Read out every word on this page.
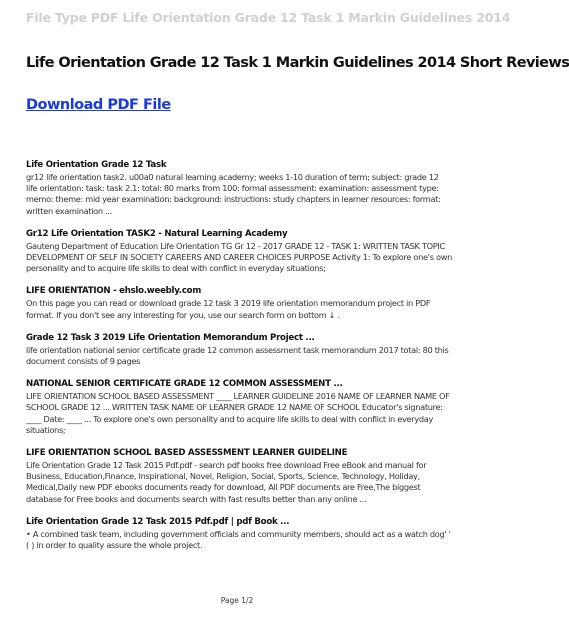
File Type PDF Life Orientation Grade 12 Task 1 Markin Guidelines 2014
Life Orientation Grade 12 Task 1 Markin Guidelines 2014 Short Reviews
Download PDF File
Life Orientation Grade 12 Task
gr12 life orientation task2. u00a0 natural learning academy; weeks 1-10 duration of term; subject: grade 12 life orientation: task: task 2.1: total: 80 marks from 100: formal assessment: examination: assessment type: memo: theme: mid year examination: background: instructions: study chapters in learner resources: format: written examination ...
Gr12 Life Orientation TASK2 - Natural Learning Academy
Gauteng Department of Education Life Orientation TG Gr 12 - 2017 GRADE 12 - TASK 1: WRITTEN TASK TOPIC DEVELOPMENT OF SELF IN SOCIETY CAREERS AND CAREER CHOICES PURPOSE Activity 1: To explore one's own personality and to acquire life skills to deal with conflict in everyday situations;
LIFE ORIENTATION - ehslo.weebly.com
On this page you can read or download grade 12 task 3 2019 life orientation memorandum project in PDF format. If you don't see any interesting for you, use our search form on bottom ↓ .
Grade 12 Task 3 2019 Life Orientation Memorandum Project ...
life orientation national senior certificate grade 12 common assessment task memorandum 2017 total: 80 this document consists of 9 pages
NATIONAL SENIOR CERTIFICATE GRADE 12 COMMON ASSESSMENT ...
LIFE ORIENTATION SCHOOL BASED ASSESSMENT ____ LEARNER GUIDELINE 2016 NAME OF LEARNER NAME OF SCHOOL GRADE 12 ... WRITTEN TASK NAME OF LEARNER GRADE 12 NAME OF SCHOOL Educator's signature: ____ Date: ____ ... To explore one's own personality and to acquire life skills to deal with conflict in everyday situations;
LIFE ORIENTATION SCHOOL BASED ASSESSMENT LEARNER GUIDELINE
Life Orientation Grade 12 Task 2015 Pdf.pdf - search pdf books free download Free eBook and manual for Business, Education,Finance, Inspirational, Novel, Religion, Social, Sports, Science, Technology, Holiday, Medical,Daily new PDF ebooks documents ready for download, All PDF documents are Free,The biggest database for Free books and documents search with fast results better than any online ...
Life Orientation Grade 12 Task 2015 Pdf.pdf | pdf Book ...
• A combined task team, including government officials and community members, should act as a watch dog' ' ( ) in order to quality assure the whole project.
Page 1/2
